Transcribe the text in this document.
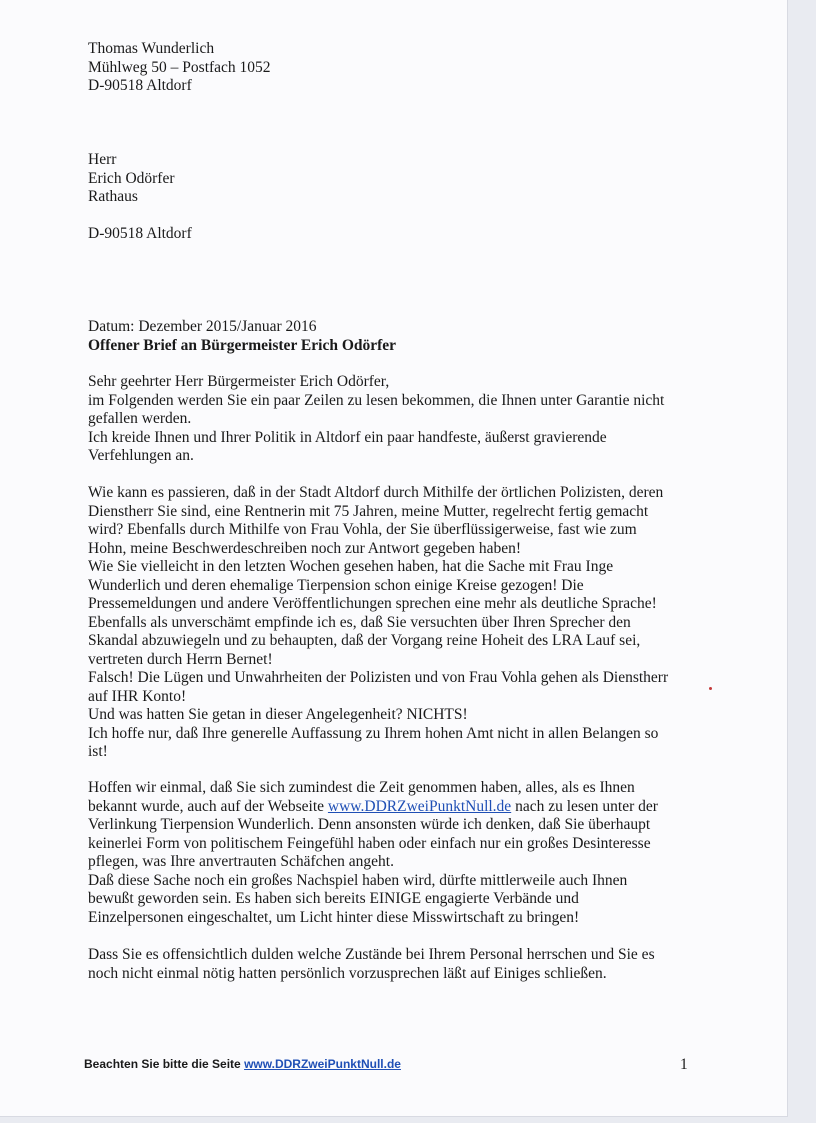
Thomas Wunderlich
Mühlweg 50 – Postfach 1052
D-90518 Altdorf
Herr
Erich Odörfer
Rathaus
D-90518 Altdorf
Datum: Dezember 2015/Januar 2016
Offener Brief an Bürgermeister Erich Odörfer
Sehr geehrter Herr Bürgermeister Erich Odörfer,
im Folgenden werden Sie ein paar Zeilen zu lesen bekommen, die Ihnen unter Garantie nicht
gefallen werden.
Ich kreide Ihnen und Ihrer Politik in Altdorf ein paar handfeste, äußerst gravierende
Verfehlungen an.
Wie kann es passieren, daß in der Stadt Altdorf durch Mithilfe der örtlichen Polizisten, deren
Dienstherr Sie sind, eine Rentnerin mit 75 Jahren, meine Mutter, regelrecht fertig gemacht
wird? Ebenfalls durch Mithilfe von Frau Vohla, der Sie überflüssigerweise, fast wie zum
Hohn, meine Beschwerdeschreiben noch zur Antwort gegeben haben!
Wie Sie vielleicht in den letzten Wochen gesehen haben, hat die Sache mit Frau Inge
Wunderlich und deren ehemalige Tierpension schon einige Kreise gezogen! Die
Pressemeldungen und andere Veröffentlichungen sprechen eine mehr als deutliche Sprache!
Ebenfalls als unverschämt empfinde ich es, daß Sie versuchten über Ihren Sprecher den
Skandal abzuwiegeln und zu behaupten, daß der Vorgang reine Hoheit des LRA Lauf sei,
vertreten durch Herrn Bernet!
Falsch! Die Lügen und Unwahrheiten der Polizisten und von Frau Vohla gehen als Dienstherr
auf IHR Konto!
Und was hatten Sie getan in dieser Angelegenheit? NICHTS!
Ich hoffe nur, daß Ihre generelle Auffassung zu Ihrem hohen Amt nicht in allen Belangen so
ist!
Hoffen wir einmal, daß Sie sich zumindest die Zeit genommen haben, alles, als es Ihnen
bekannt wurde, auch auf der Webseite www.DDRZweiPunktNull.de nach zu lesen unter der
Verlinkung Tierpension Wunderlich. Denn ansonsten würde ich denken, daß Sie überhaupt
keinerlei Form von politischem Feingefühl haben oder einfach nur ein großes Desinteresse
pflegen, was Ihre anvertrauten Schäfchen angeht.
Daß diese Sache noch ein großes Nachspiel haben wird, dürfte mittlerweile auch Ihnen
bewußt geworden sein. Es haben sich bereits EINIGE engagierte Verbände und
Einzelpersonen eingeschaltet, um Licht hinter diese Misswirtschaft zu bringen!
Dass Sie es offensichtlich dulden welche Zustände bei Ihrem Personal herrschen und Sie es
noch nicht einmal nötig hatten persönlich vorzusprechen läßt auf Einiges schließen.
Beachten Sie bitte die Seite www.DDRZweiPunktNull.de	1
